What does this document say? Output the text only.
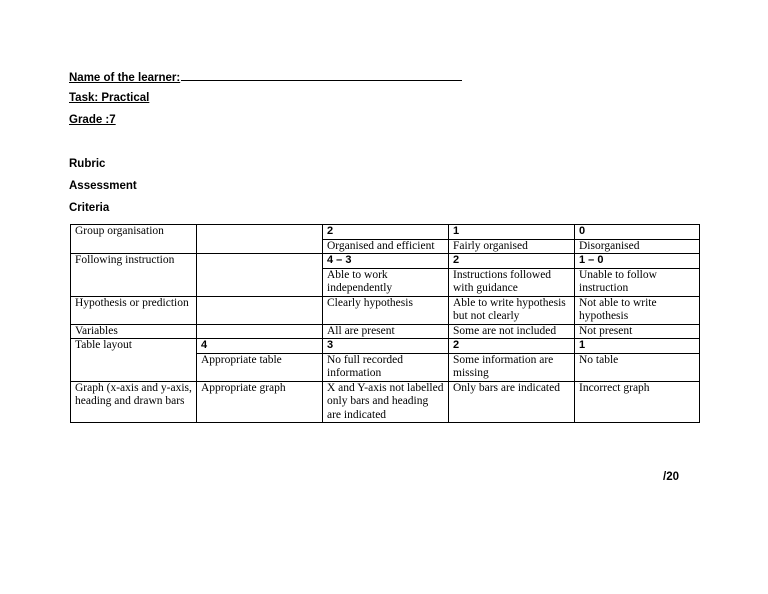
Name of the learner:
Task: Practical
Grade :7
Rubric
Assessment
Criteria
Group organisation		2	1	0
		Organised and efficient	Fairly organised	Disorganised
Following instruction		4 – 3	2	1 – 0
		Able to work independently	Instructions followed with guidance	Unable to follow instruction
Hypothesis or prediction		Clearly hypothesis	Able to write hypothesis but not clearly	Not able to write hypothesis
Variables		All are present	Some are not included	Not present
Table layout	4	3	2	1
	Appropriate table	No full recorded information	Some information are missing	No table
Graph (x-axis and y-axis, heading and drawn bars	Appropriate graph	X and Y-axis not labelled only bars and heading are indicated	Only bars are indicated	Incorrect graph
/20
